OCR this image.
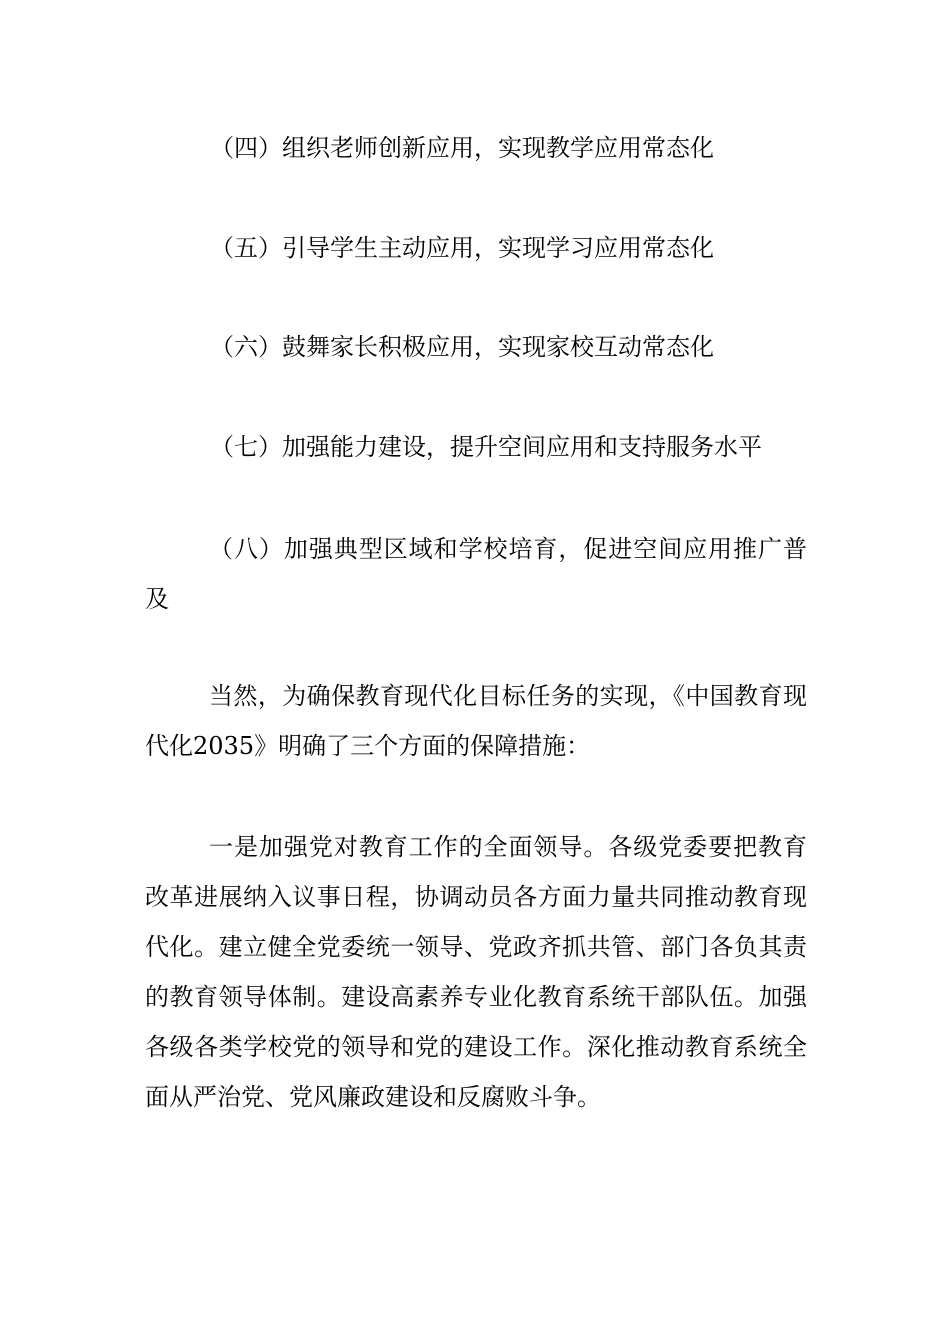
（四）组织老师创新应用，实现教学应用常态化

（五）引导学生主动应用，实现学习应用常态化

（六）鼓舞家长积极应用，实现家校互动常态化

（七）加强能力建设，提升空间应用和支持服务水平

（八）加强典型区域和学校培育，促进空间应用推广普及

当然，为确保教育现代化目标任务的实现，《中国教育现代化2035》明确了三个方面的保障措施：

一是加强党对教育工作的全面领导。各级党委要把教育改革进展纳入议事日程，协调动员各方面力量共同推动教育现代化。建立健全党委统一领导、党政齐抓共管、部门各负其责的教育领导体制。建设高素养专业化教育系统干部队伍。加强各级各类学校党的领导和党的建设工作。深化推动教育系统全面从严治党、党风廉政建设和反腐败斗争。
